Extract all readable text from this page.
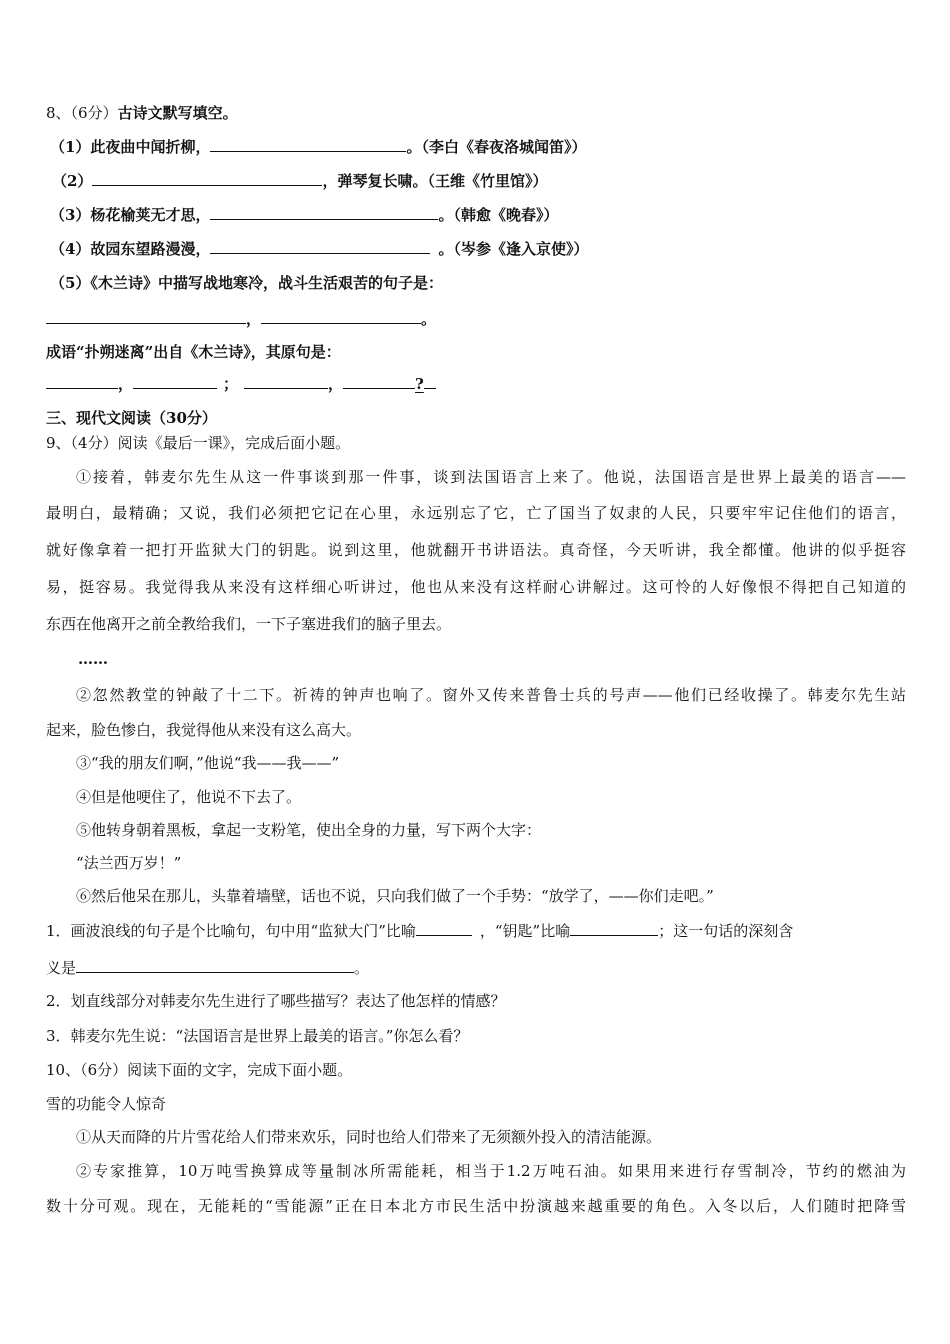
8、（6分）古诗文默写填空。
（1）此夜曲中闻折柳，	。（李白《春夜洛城闻笛》）
（2）	，弹琴复长啸。（王维《竹里馆》）
（3）杨花榆荚无才思，	。（韩愈《晚春》）
（4）故园东望路漫漫，	。（岑参《逢入京使》）
（5）《木兰诗》中描写战地寒冷，战斗生活艰苦的句子是：
，	。
成语“扑朔迷离”出自《木兰诗》，其原句是：
，	；	，	?
三、现代文阅读（30分）
9、（4分）阅读《最后一课》，完成后面小题。
①接着，韩麦尔先生从这一件事谈到那一件事，谈到法国语言上来了。他说，法国语言是世界上最美的语言——
最明白，最精确；又说，我们必须把它记在心里，永远别忘了它，亡了国当了奴隶的人民，只要牢牢记住他们的语言，
就好像拿着一把打开监狱大门的钥匙。说到这里，他就翻开书讲语法。真奇怪，今天听讲，我全都懂。他讲的似乎挺容
易，挺容易。我觉得我从来没有这样细心听讲过，他也从来没有这样耐心讲解过。这可怜的人好像恨不得把自己知道的
东西在他离开之前全教给我们，一下子塞进我们的脑子里去。
……
②忽然教堂的钟敲了十二下。祈祷的钟声也响了。窗外又传来普鲁士兵的号声——他们已经收操了。韩麦尔先生站
起来，脸色惨白，我觉得他从来没有这么高大。
③“我的朋友们啊，”他说“我——我——”
④但是他哽住了，他说不下去了。
⑤他转身朝着黑板，拿起一支粉笔，使出全身的力量，写下两个大字：
“法兰西万岁！”
⑥然后他呆在那儿，头靠着墙壁，话也不说，只向我们做了一个手势：“放学了，——你们走吧。”
1．画波浪线的句子是个比喻句，句中用“监狱大门”比喻	，“钥匙”比喻	；这一句话的深刻含
义是	。
2．划直线部分对韩麦尔先生进行了哪些描写？表达了他怎样的情感？
3．韩麦尔先生说：“法国语言是世界上最美的语言。”你怎么看？
10、（6分）阅读下面的文字，完成下面小题。
雪的功能令人惊奇
①从天而降的片片雪花给人们带来欢乐，同时也给人们带来了无须额外投入的清洁能源。
②专家推算，10万吨雪换算成等量制冰所需能耗，相当于1.2万吨石油。如果用来进行存雪制冷，节约的燃油为
数十分可观。现在，无能耗的“雪能源”正在日本北方市民生活中扮演越来越重要的角色。入冬以后，人们随时把降雪
